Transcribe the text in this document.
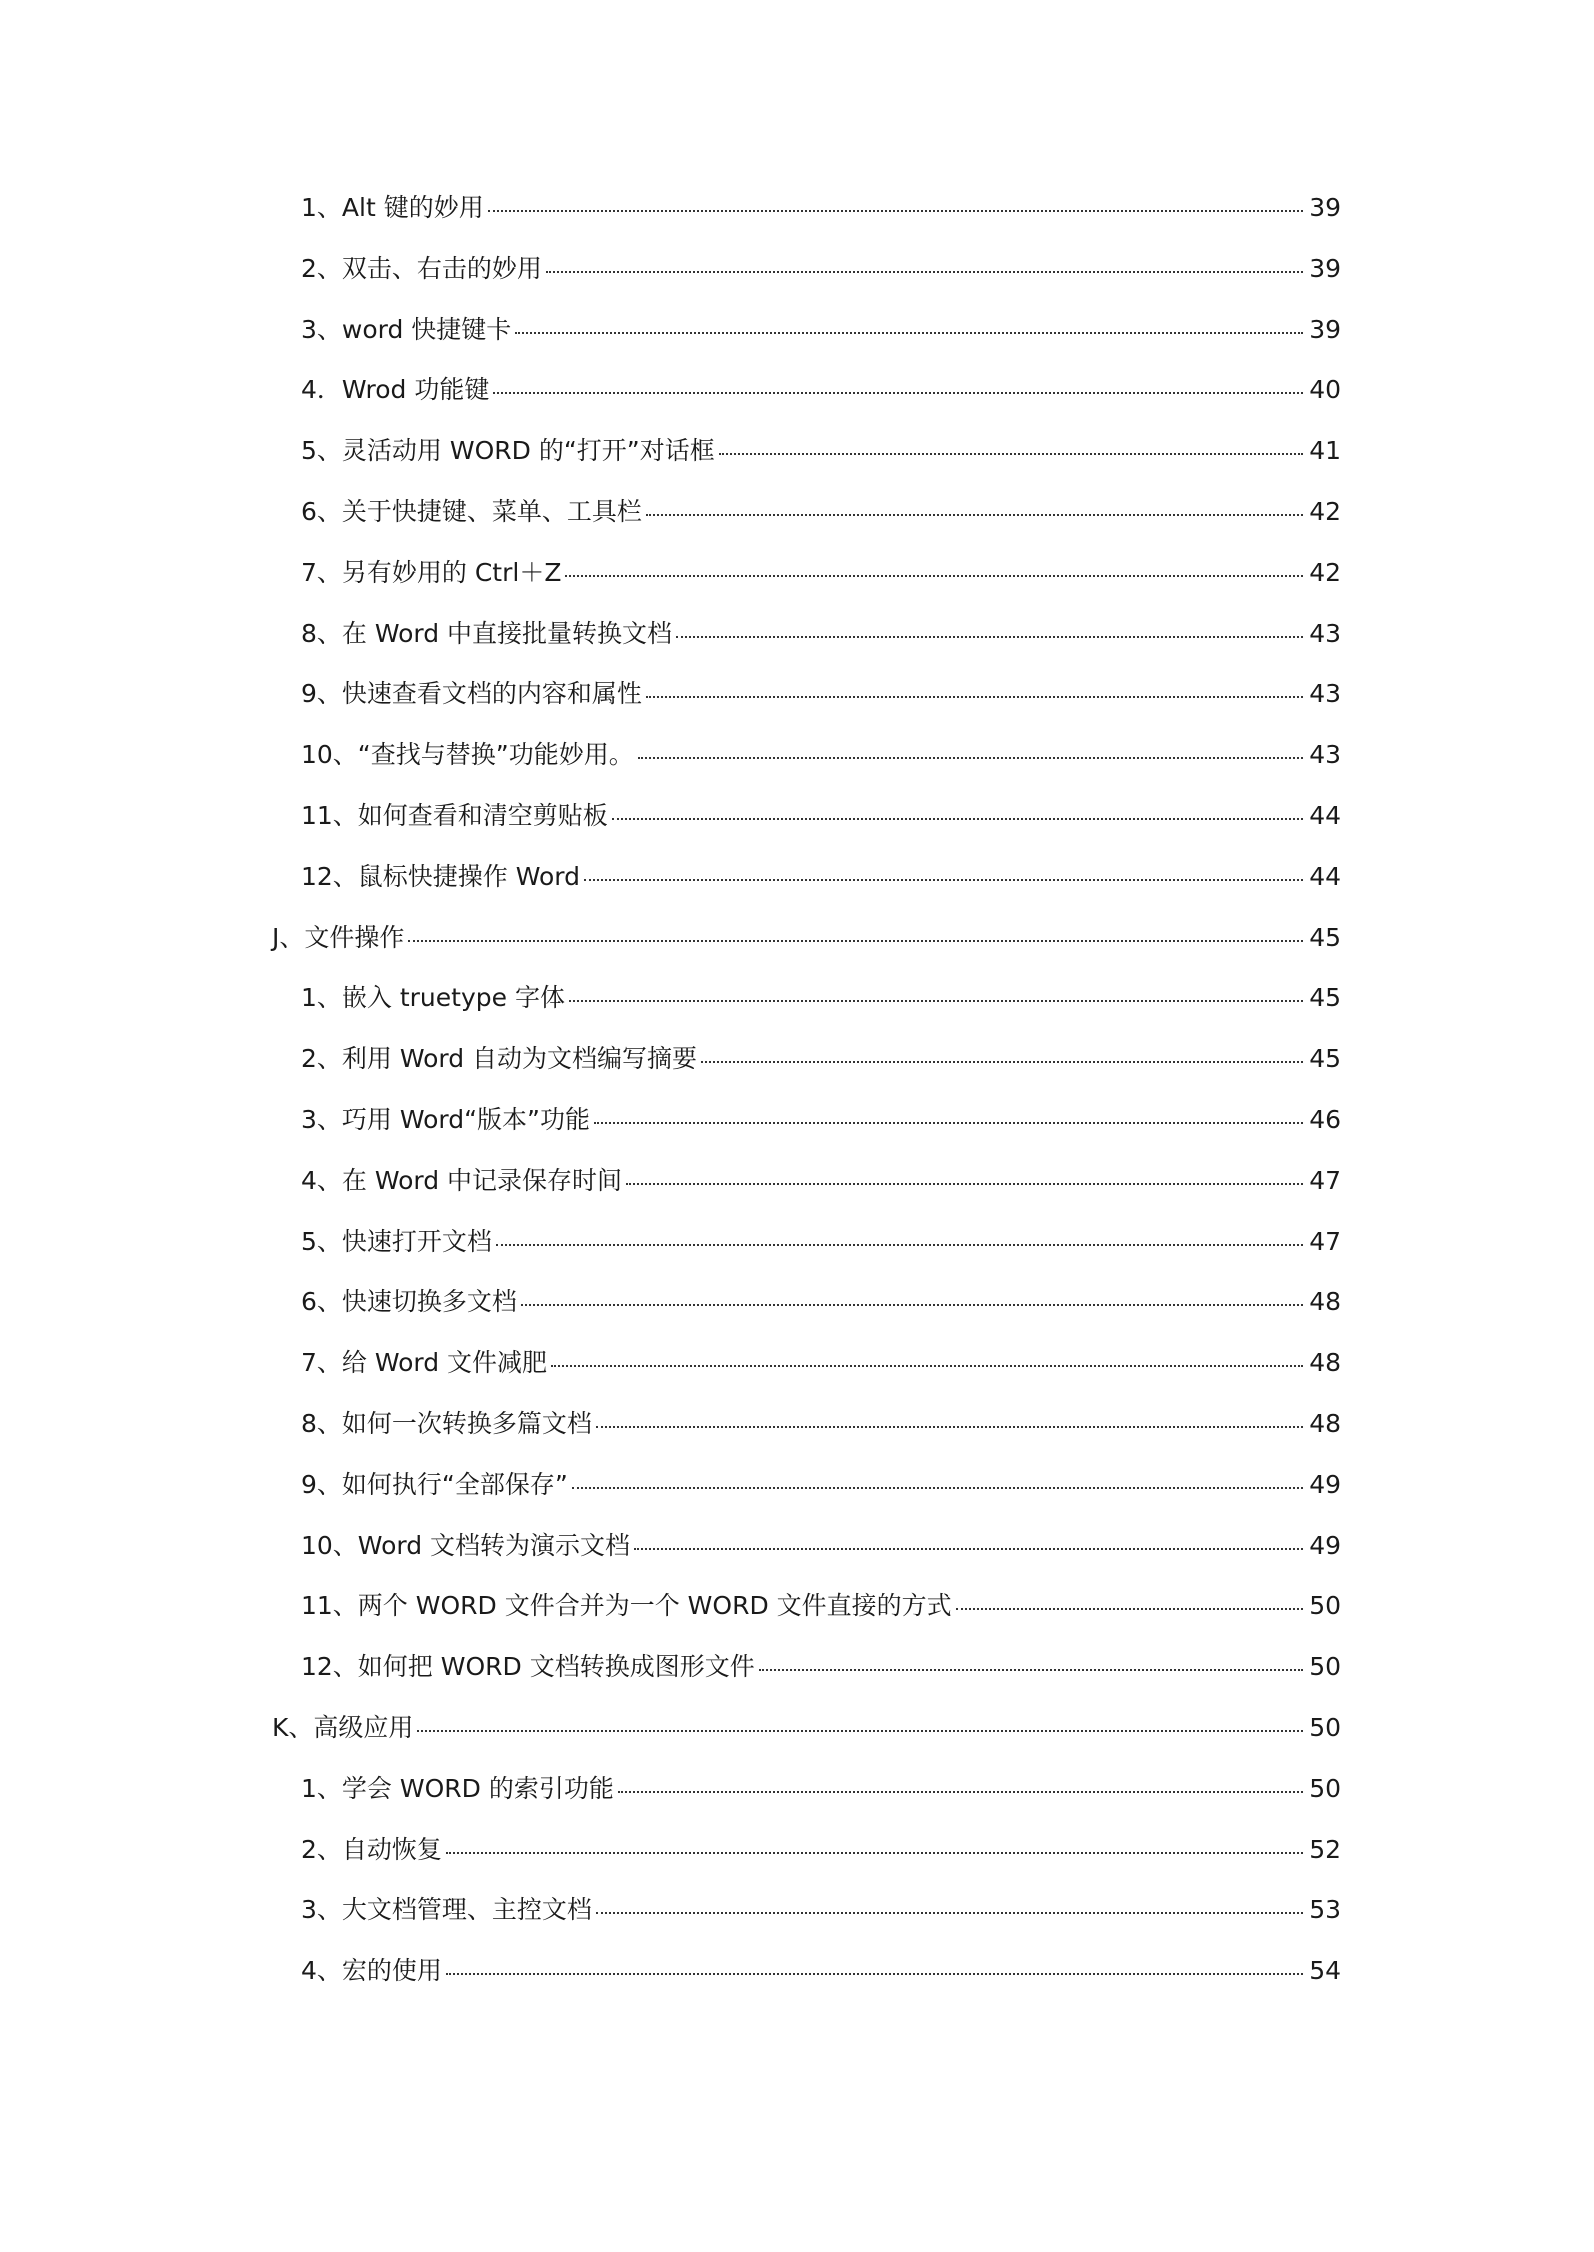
1、Alt 键的妙用	39
2、双击、右击的妙用	39
3、word 快捷键卡	39
4．Wrod 功能键	40
5、灵活动用 WORD 的“打开”对话框	41
6、关于快捷键、菜单、工具栏	42
7、另有妙用的 Ctrl＋Z	42
8、在 Word 中直接批量转换文档	43
9、快速查看文档的内容和属性	43
10、“查找与替换”功能妙用。	43
11、如何查看和清空剪贴板	44
12、鼠标快捷操作 Word	44
J、文件操作	45
1、嵌入 truetype 字体	45
2、利用 Word 自动为文档编写摘要	45
3、巧用 Word“版本”功能	46
4、在 Word 中记录保存时间	47
5、快速打开文档	47
6、快速切换多文档	48
7、给 Word 文件减肥	48
8、如何一次转换多篇文档	48
9、如何执行“全部保存”	49
10、Word 文档转为演示文档	49
11、两个 WORD 文件合并为一个 WORD 文件直接的方式	50
12、如何把 WORD 文档转换成图形文件	50
K、高级应用	50
1、学会 WORD 的索引功能	50
2、自动恢复	52
3、大文档管理、主控文档	53
4、宏的使用	54
